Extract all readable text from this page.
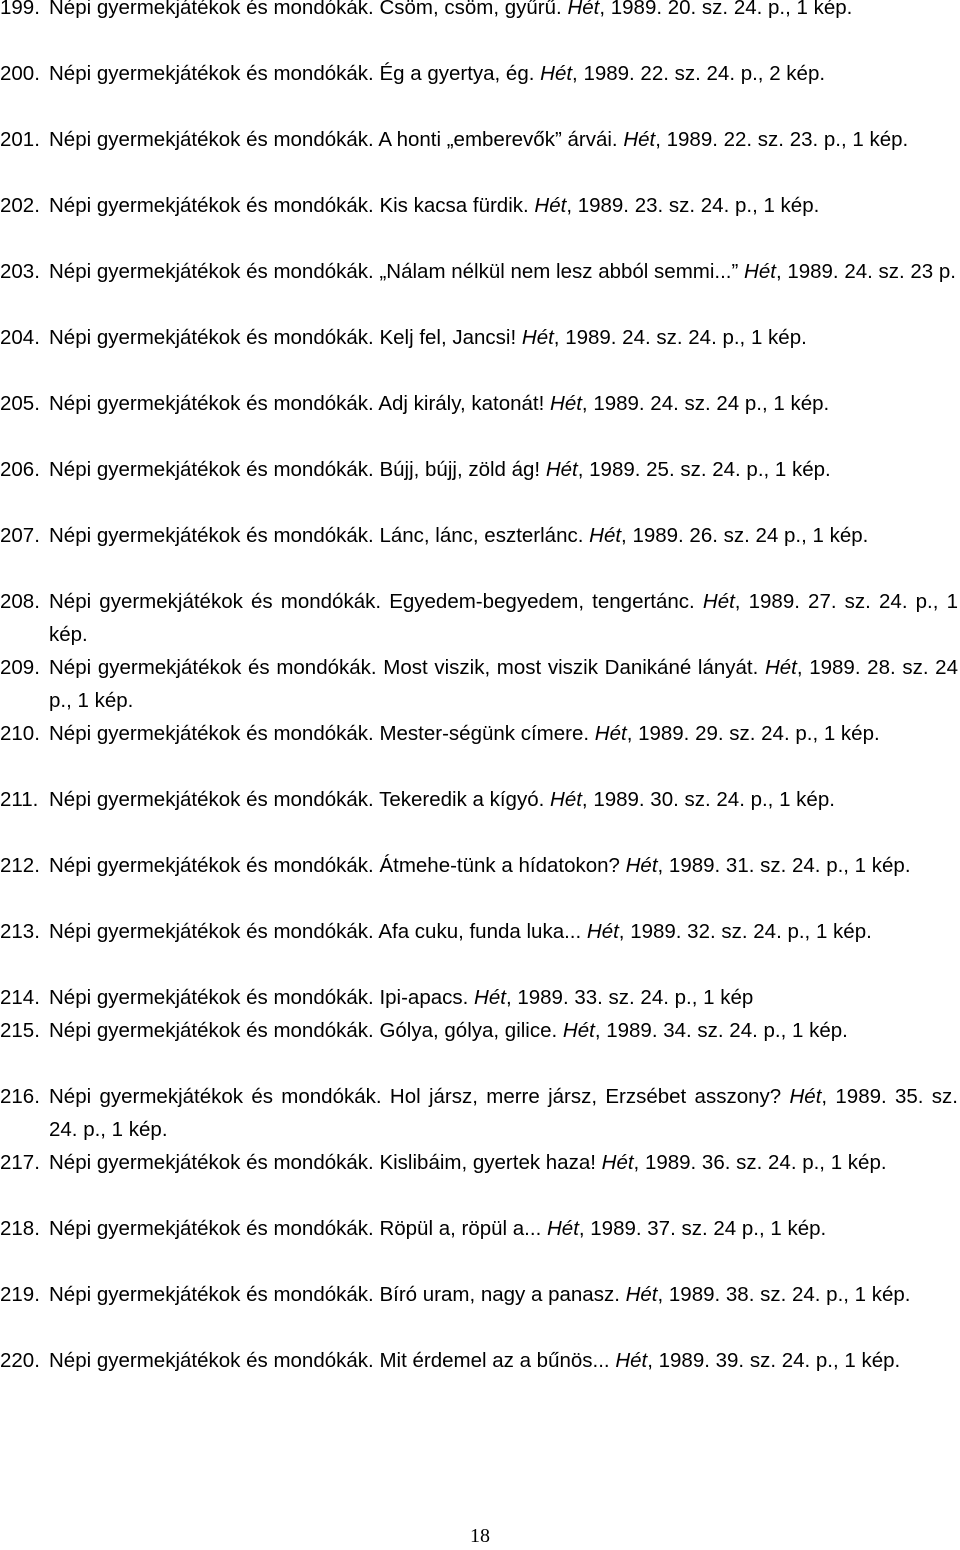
199. Népi gyermekjátékok és mondókák. Csöm, csöm, gyűrű. Hét, 1989. 20. sz. 24. p., 1 kép.
200. Népi gyermekjátékok és mondókák. Ég a gyertya, ég. Hét, 1989. 22. sz. 24. p., 2 kép.
201. Népi gyermekjátékok és mondókák. A honti „emberevők” árvái. Hét, 1989. 22. sz. 23. p., 1 kép.
202. Népi gyermekjátékok és mondókák. Kis kacsa fürdik. Hét, 1989. 23. sz. 24. p., 1 kép.
203. Népi gyermekjátékok és mondókák. „Nálam nélkül nem lesz abból semmi...” Hét, 1989. 24. sz. 23 p.
204. Népi gyermekjátékok és mondókák. Kelj fel, Jancsi! Hét, 1989. 24. sz. 24. p., 1 kép.
205. Népi gyermekjátékok és mondókák. Adj király, katonát! Hét, 1989. 24. sz. 24 p., 1 kép.
206. Népi gyermekjátékok és mondókák. Bújj, bújj, zöld ág! Hét, 1989. 25. sz. 24. p., 1 kép.
207. Népi gyermekjátékok és mondókák. Lánc, lánc, eszterlánc. Hét, 1989. 26. sz. 24 p., 1 kép.
208. Népi gyermekjátékok és mondókák. Egyedem-begyedem, tengertánc. Hét, 1989. 27. sz. 24. p., 1 kép.
209. Népi gyermekjátékok és mondókák. Most viszik, most viszik Danikáné lányát. Hét, 1989. 28. sz. 24 p., 1 kép.
210. Népi gyermekjátékok és mondókák. Mester-ségünk címere. Hét, 1989. 29. sz. 24. p., 1 kép.
211. Népi gyermekjátékok és mondókák. Tekeredik a kígyó. Hét, 1989. 30. sz. 24. p., 1 kép.
212. Népi gyermekjátékok és mondókák. Átmehe-tünk a hídatokon? Hét, 1989. 31. sz. 24. p., 1 kép.
213. Népi gyermekjátékok és mondókák. Afa cuku, funda luka... Hét, 1989. 32. sz. 24. p., 1 kép.
214. Népi gyermekjátékok és mondókák. Ipi-apacs. Hét, 1989. 33. sz. 24. p., 1 kép
215. Népi gyermekjátékok és mondókák. Gólya, gólya, gilice. Hét, 1989. 34. sz. 24. p., 1 kép.
216. Népi gyermekjátékok és mondókák. Hol jársz, merre jársz, Erzsébet asszony? Hét, 1989. 35. sz. 24. p., 1 kép.
217. Népi gyermekjátékok és mondókák. Kislibáim, gyertek haza! Hét, 1989. 36. sz. 24. p., 1 kép.
218. Népi gyermekjátékok és mondókák. Röpül a, röpül a... Hét, 1989. 37. sz. 24 p., 1 kép.
219. Népi gyermekjátékok és mondókák. Bíró uram, nagy a panasz. Hét, 1989. 38. sz. 24. p., 1 kép.
220. Népi gyermekjátékok és mondókák. Mit érdemel az a bűnös... Hét, 1989. 39. sz. 24. p., 1 kép.
18
